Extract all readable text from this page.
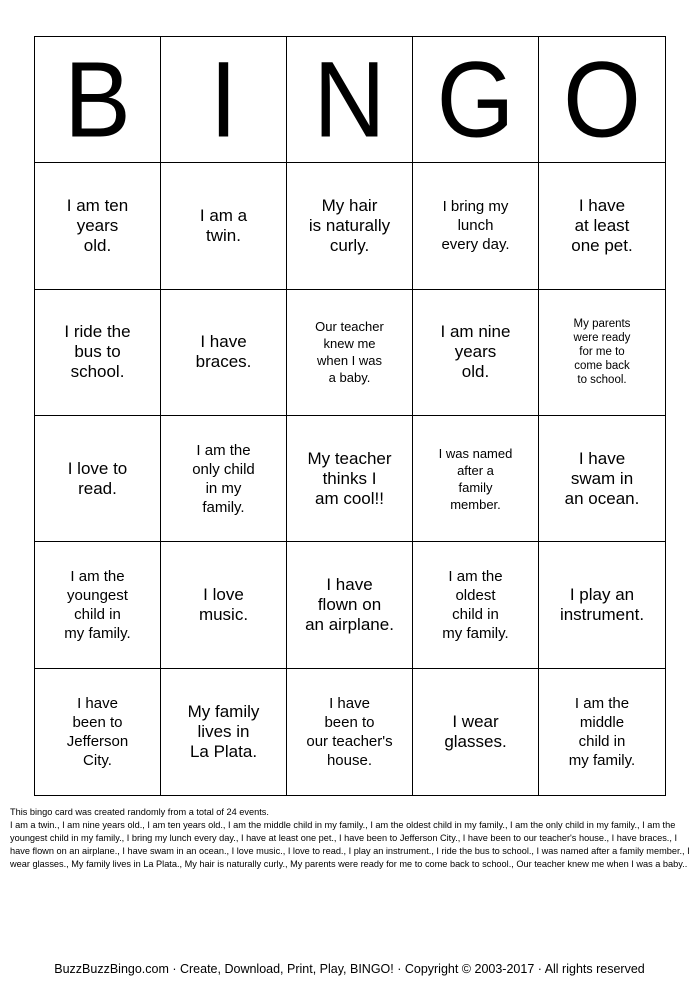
B I N G O
I am ten
years
old.
I am a
twin.
My hair
is naturally
curly.
I bring my
lunch
every day.
I have
at least
one pet.
I ride the
bus to
school.
I have
braces.
Our teacher
knew me
when I was
a baby.
I am nine
years
old.
My parents
were ready
for me to
come back
to school.
I love to
read.
I am the
only child
in my
family.
My teacher
thinks I
am cool!!
I was named
after a
family
member.
I have
swam in
an ocean.
I am the
youngest
child in
my family.
I love
music.
I have
flown on
an airplane.
I am the
oldest
child in
my family.
I play an
instrument.
I have
been to
Jefferson
City.
My family
lives in
La Plata.
I have
been to
our teacher's
house.
I wear
glasses.
I am the
middle
child in
my family.

This bingo card was created randomly from a total of 24 events.

I am a twin., I am nine years old., I am ten years old., I am the middle child in my family., I am the oldest child in my family., I am the only child in my family., I am the youngest child in my family., I bring my lunch every day., I have at least one pet., I have been to Jefferson City., I have been to our teacher's house., I have braces., I have flown on an airplane., I have swam in an ocean., I love music., I love to read., I play an instrument., I ride the bus to school., I was named after a family member., I wear glasses., My family lives in La Plata., My hair is naturally curly., My parents were ready for me to come back to school., Our teacher knew me when I was a baby..

BuzzBuzzBingo.com · Create, Download, Print, Play, BINGO! · Copyright © 2003-2017 · All rights reserved
